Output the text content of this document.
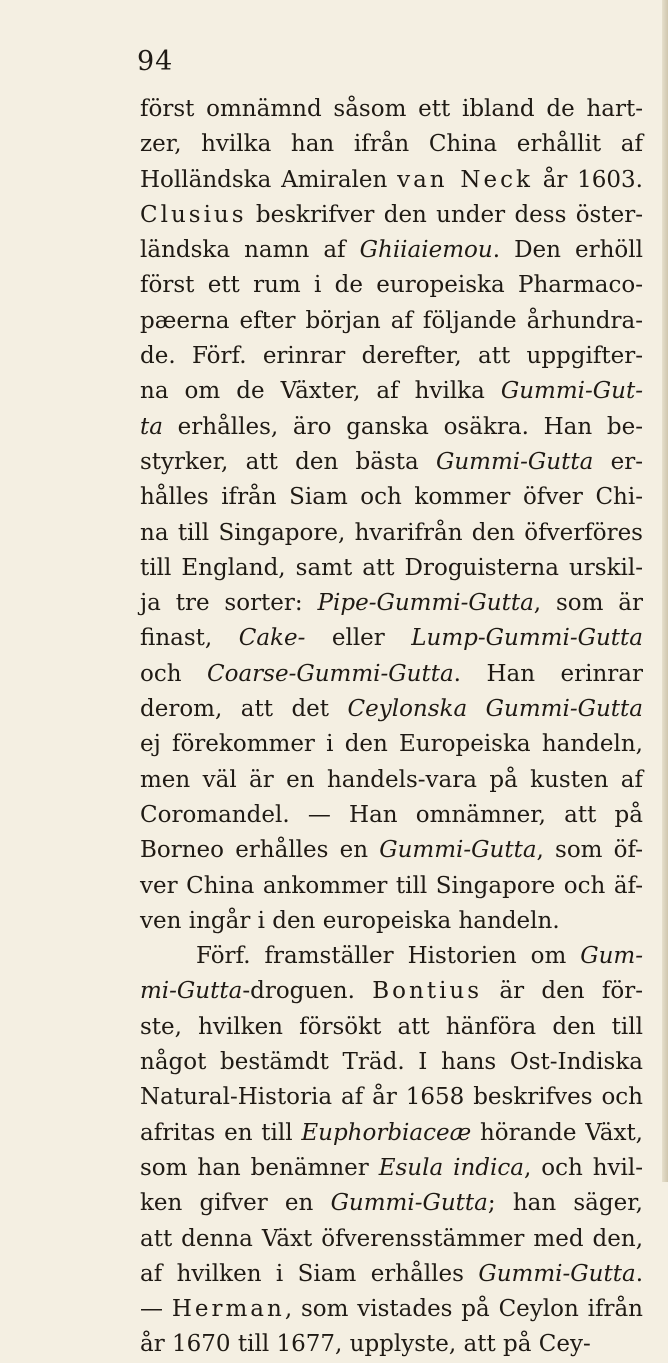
94
först omnämnd såsom ett ibland de hart-
zer, hvilka han ifrån China erhållit af
Holländska Amiralen van Neck år 1603.
Clusius beskrifver den under dess öster-
ländska namn af Ghiiaiemou. Den erhöll
först ett rum i de europeiska Pharmaco-
pæerna efter början af följande århundra-
de. Förf. erinrar derefter, att uppgifter-
na om de Växter, af hvilka Gummi-Gut-
ta erhålles, äro ganska osäkra. Han be-
styrker, att den bästa Gummi-Gutta er-
hålles ifrån Siam och kommer öfver Chi-
na till Singapore, hvarifrån den öfverföres
till England, samt att Droguisterna urskil-
ja tre sorter: Pipe-Gummi-Gutta, som är
finast, Cake- eller Lump-Gummi-Gutta
och Coarse-Gummi-Gutta. Han erinrar
derom, att det Ceylonska Gummi-Gutta
ej förekommer i den Europeiska handeln,
men väl är en handels-vara på kusten af
Coromandel. — Han omnämner, att på
Borneo erhålles en Gummi-Gutta, som öf-
ver China ankommer till Singapore och äf-
ven ingår i den europeiska handeln.
Förf. framställer Historien om Gum-
mi-Gutta-droguen. Bontius är den för-
ste, hvilken försökt att hänföra den till
något bestämdt Träd. I hans Ost-Indiska
Natural-Historia af år 1658 beskrifves och
afritas en till Euphorbiaceæ hörande Växt,
som han benämner Esula indica, och hvil-
ken gifver en Gummi-Gutta; han säger,
att denna Växt öfverensstämmer med den,
af hvilken i Siam erhålles Gummi-Gutta.
— Herman, som vistades på Ceylon ifrån
år 1670 till 1677, upplyste, att på Cey-
